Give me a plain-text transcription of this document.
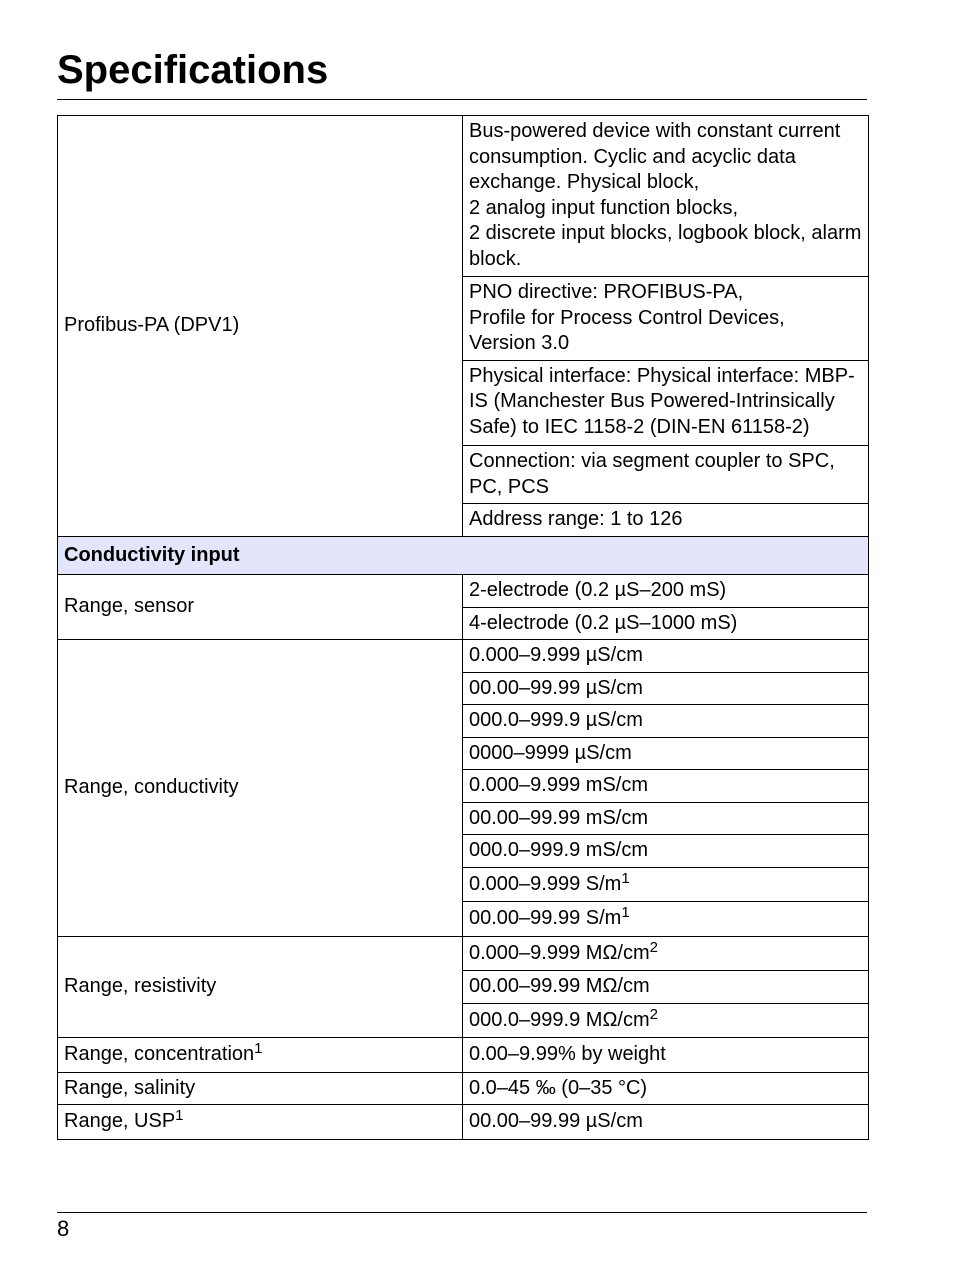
Specifications
Profibus-PA (DPV1)	Bus-powered device with constant current consumption. Cyclic and acyclic data exchange. Physical block,
2 analog input function blocks,
2 discrete input blocks, logbook block, alarm block.

	PNO directive: PROFIBUS-PA,
Profile for Process Control Devices,
Version 3.0

	Physical interface: Physical interface: MBP-IS (Manchester Bus Powered-Intrinsically Safe) to IEC 1158-2 (DIN-EN 61158-2)

	Connection: via segment coupler to SPC, PC, PCS

	Address range: 1 to 126

Conductivity input	
Range, sensor	2-electrode (0.2 µS–200 mS)
	4-electrode (0.2 µS–1000 mS)
Range, conductivity	0.000–9.999 µS/cm
	00.00–99.99 µS/cm
	000.0–999.9 µS/cm
	0000–9999 µS/cm
	0.000–9.999 mS/cm
	00.00–99.99 mS/cm
	000.0–999.9 mS/cm
	0.000–9.999 $S/m^1$
	00.00–99.99 $S/m^1$
Range, resistivity	0.000–9.999 $M\Omega/cm^2$
	00.00–99.99 MΩ/cm
	000.0–999.9 $M\Omega/cm^2$
Range, concentration$^1$	0.00–9.99% by weight
Range, salinity	0.0–45 ‰ (0–35 °C)
Range, USP$^1$	00.00–99.99 µS/cm
8
